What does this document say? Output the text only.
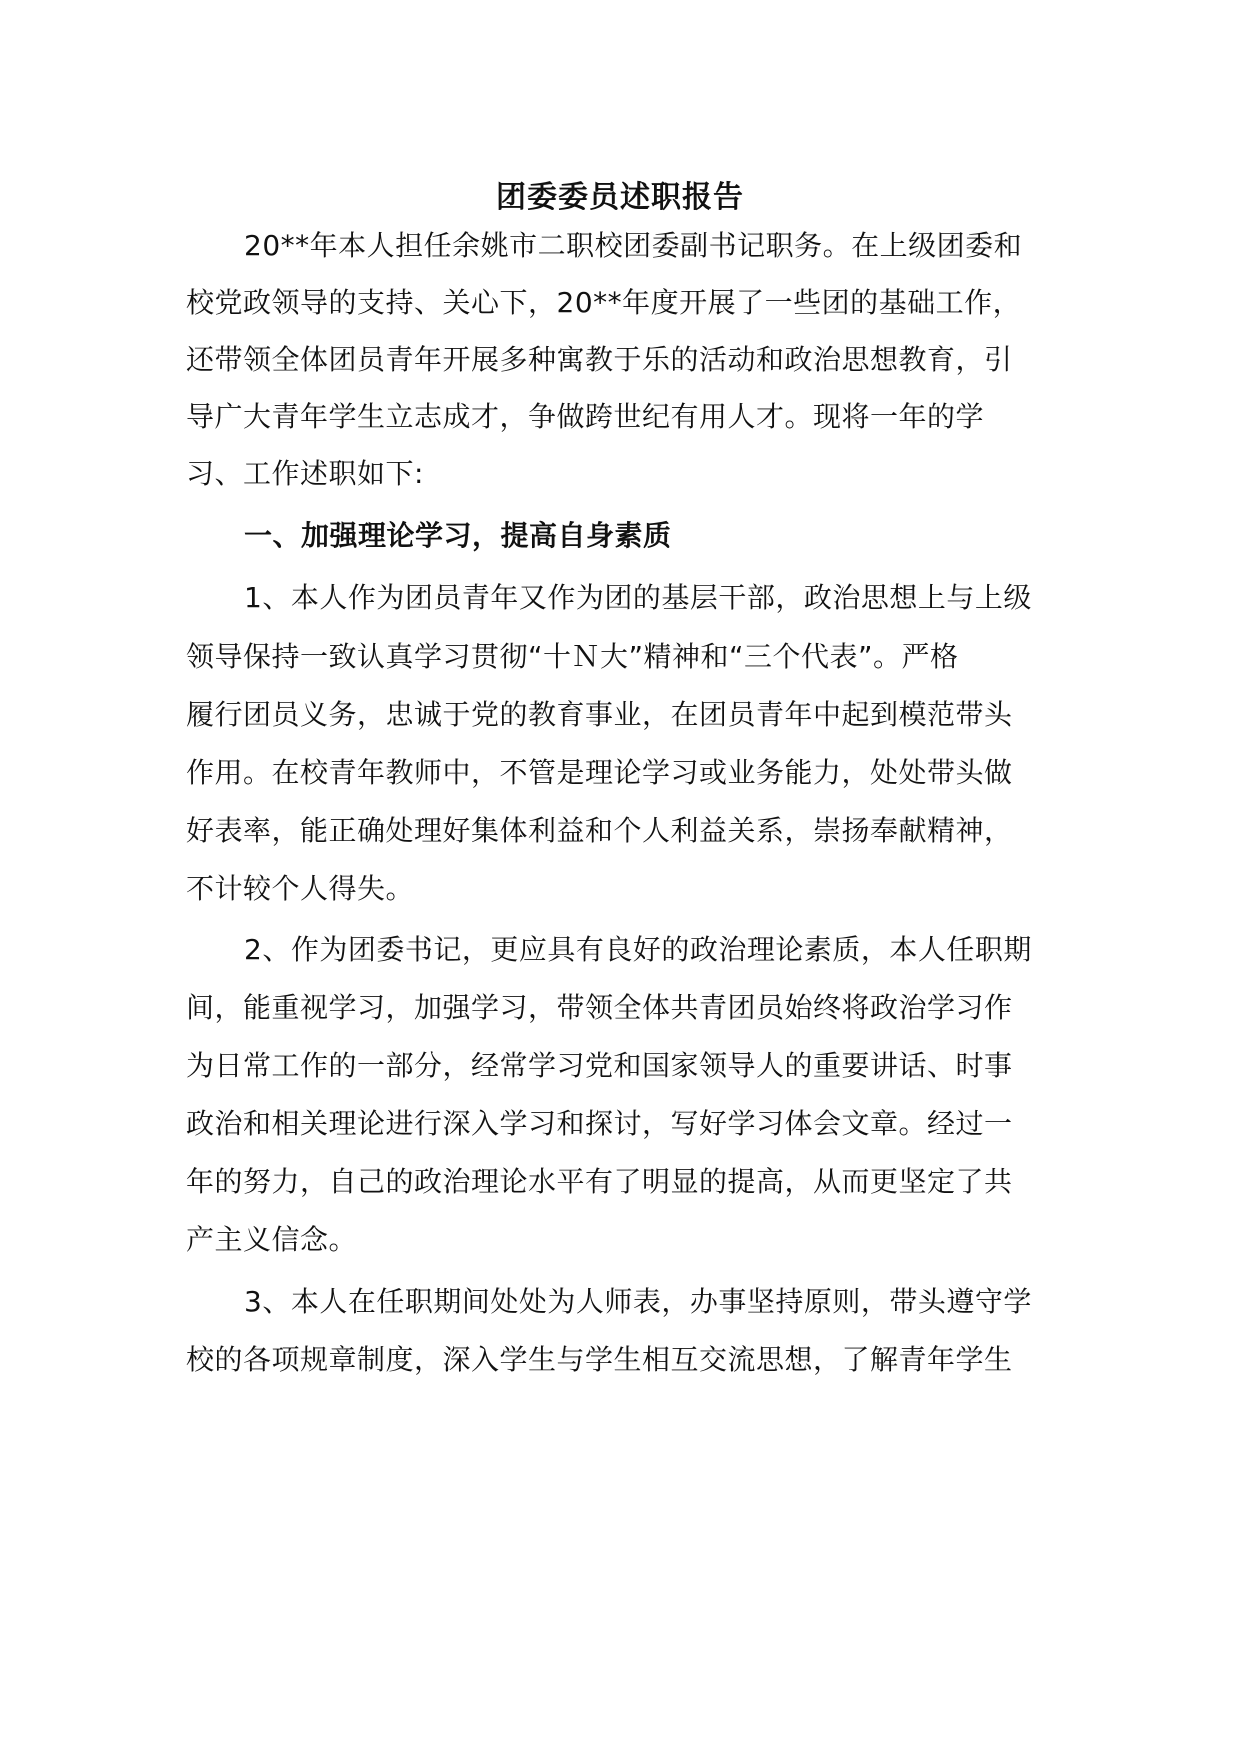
团委委员述职报告
20**年本人担任余姚市二职校团委副书记职务。在上级团委和
校党政领导的支持、关心下，20**年度开展了一些团的基础工作，
还带领全体团员青年开展多种寓教于乐的活动和政治思想教育，引
导广大青年学生立志成才，争做跨世纪有用人才。现将一年的学
习、工作述职如下:
一、加强理论学习，提高自身素质
1、本人作为团员青年又作为团的基层干部，政治思想上与上级
领导保持一致认真学习贯彻“十Ｎ大”精神和“三个代表”。严格
履行团员义务，忠诚于党的教育事业，在团员青年中起到模范带头
作用。在校青年教师中，不管是理论学习或业务能力，处处带头做
好表率，能正确处理好集体利益和个人利益关系，崇扬奉献精神，
不计较个人得失。
2、作为团委书记，更应具有良好的政治理论素质，本人任职期
间，能重视学习，加强学习，带领全体共青团员始终将政治学习作
为日常工作的一部分，经常学习党和国家领导人的重要讲话、时事
政治和相关理论进行深入学习和探讨，写好学习体会文章。经过一
年的努力，自己的政治理论水平有了明显的提高，从而更坚定了共
产主义信念。
3、本人在任职期间处处为人师表，办事坚持原则，带头遵守学
校的各项规章制度，深入学生与学生相互交流思想，了解青年学生
